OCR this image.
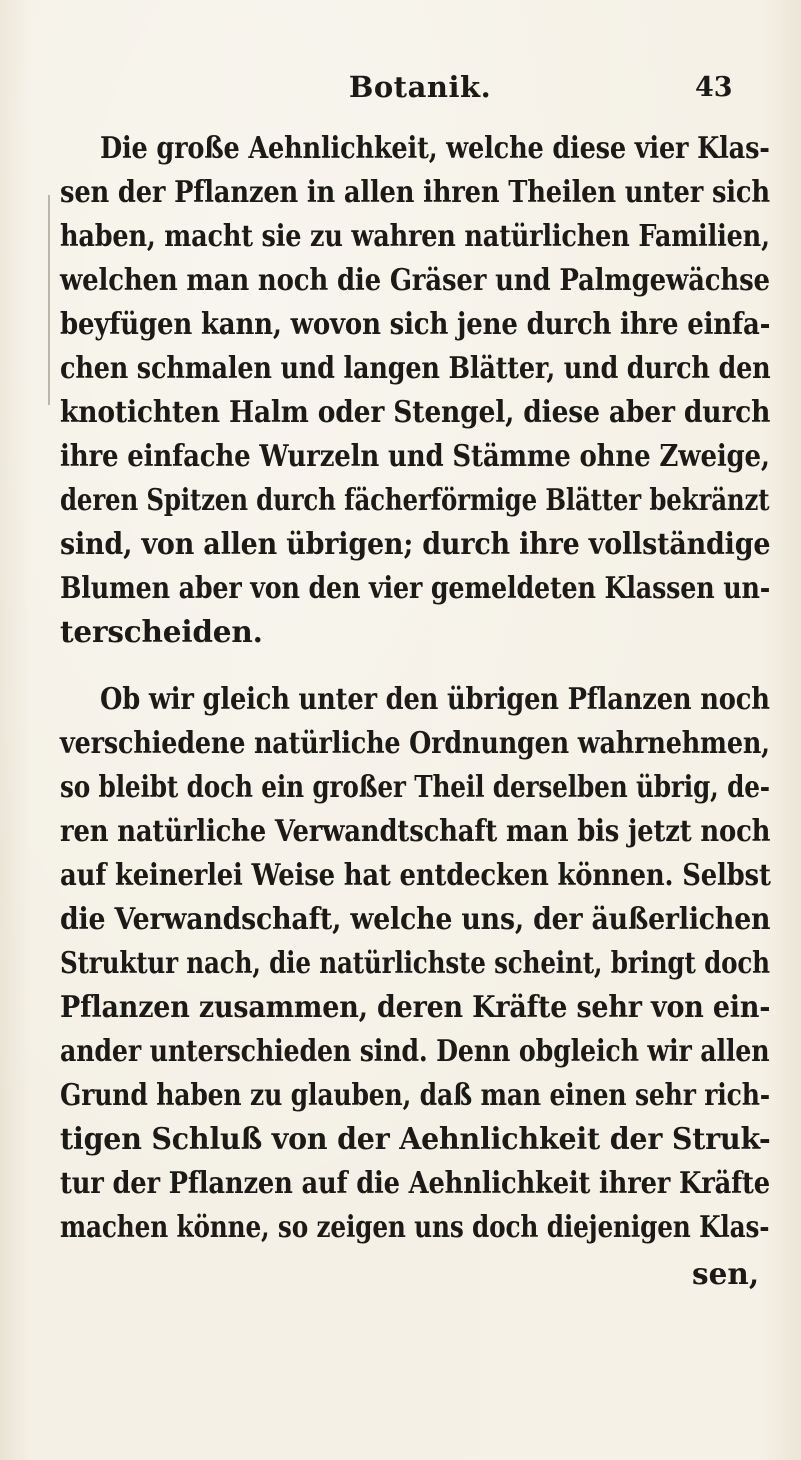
Botanik.	43
Die große Aehnlichkeit, welche diese vier Klas-
sen der Pflanzen in allen ihren Theilen unter sich
haben, macht sie zu wahren natürlichen Familien,
welchen man noch die Gräser und Palmgewächse
beyfügen kann, wovon sich jene durch ihre einfa-
chen schmalen und langen Blätter, und durch den
knotichten Halm oder Stengel, diese aber durch
ihre einfache Wurzeln und Stämme ohne Zweige,
deren Spitzen durch fächerförmige Blätter bekränzt
sind, von allen übrigen; durch ihre vollständige
Blumen aber von den vier gemeldeten Klassen un-
terscheiden.
Ob wir gleich unter den übrigen Pflanzen noch
verschiedene natürliche Ordnungen wahrnehmen,
so bleibt doch ein großer Theil derselben übrig, de-
ren natürliche Verwandtschaft man bis jetzt noch
auf keinerlei Weise hat entdecken können. Selbst
die Verwandschaft, welche uns, der äußerlichen
Struktur nach, die natürlichste scheint, bringt doch
Pflanzen zusammen, deren Kräfte sehr von ein-
ander unterschieden sind. Denn obgleich wir allen
Grund haben zu glauben, daß man einen sehr rich-
tigen Schluß von der Aehnlichkeit der Struk-
tur der Pflanzen auf die Aehnlichkeit ihrer Kräfte
machen könne, so zeigen uns doch diejenigen Klas-
sen,
